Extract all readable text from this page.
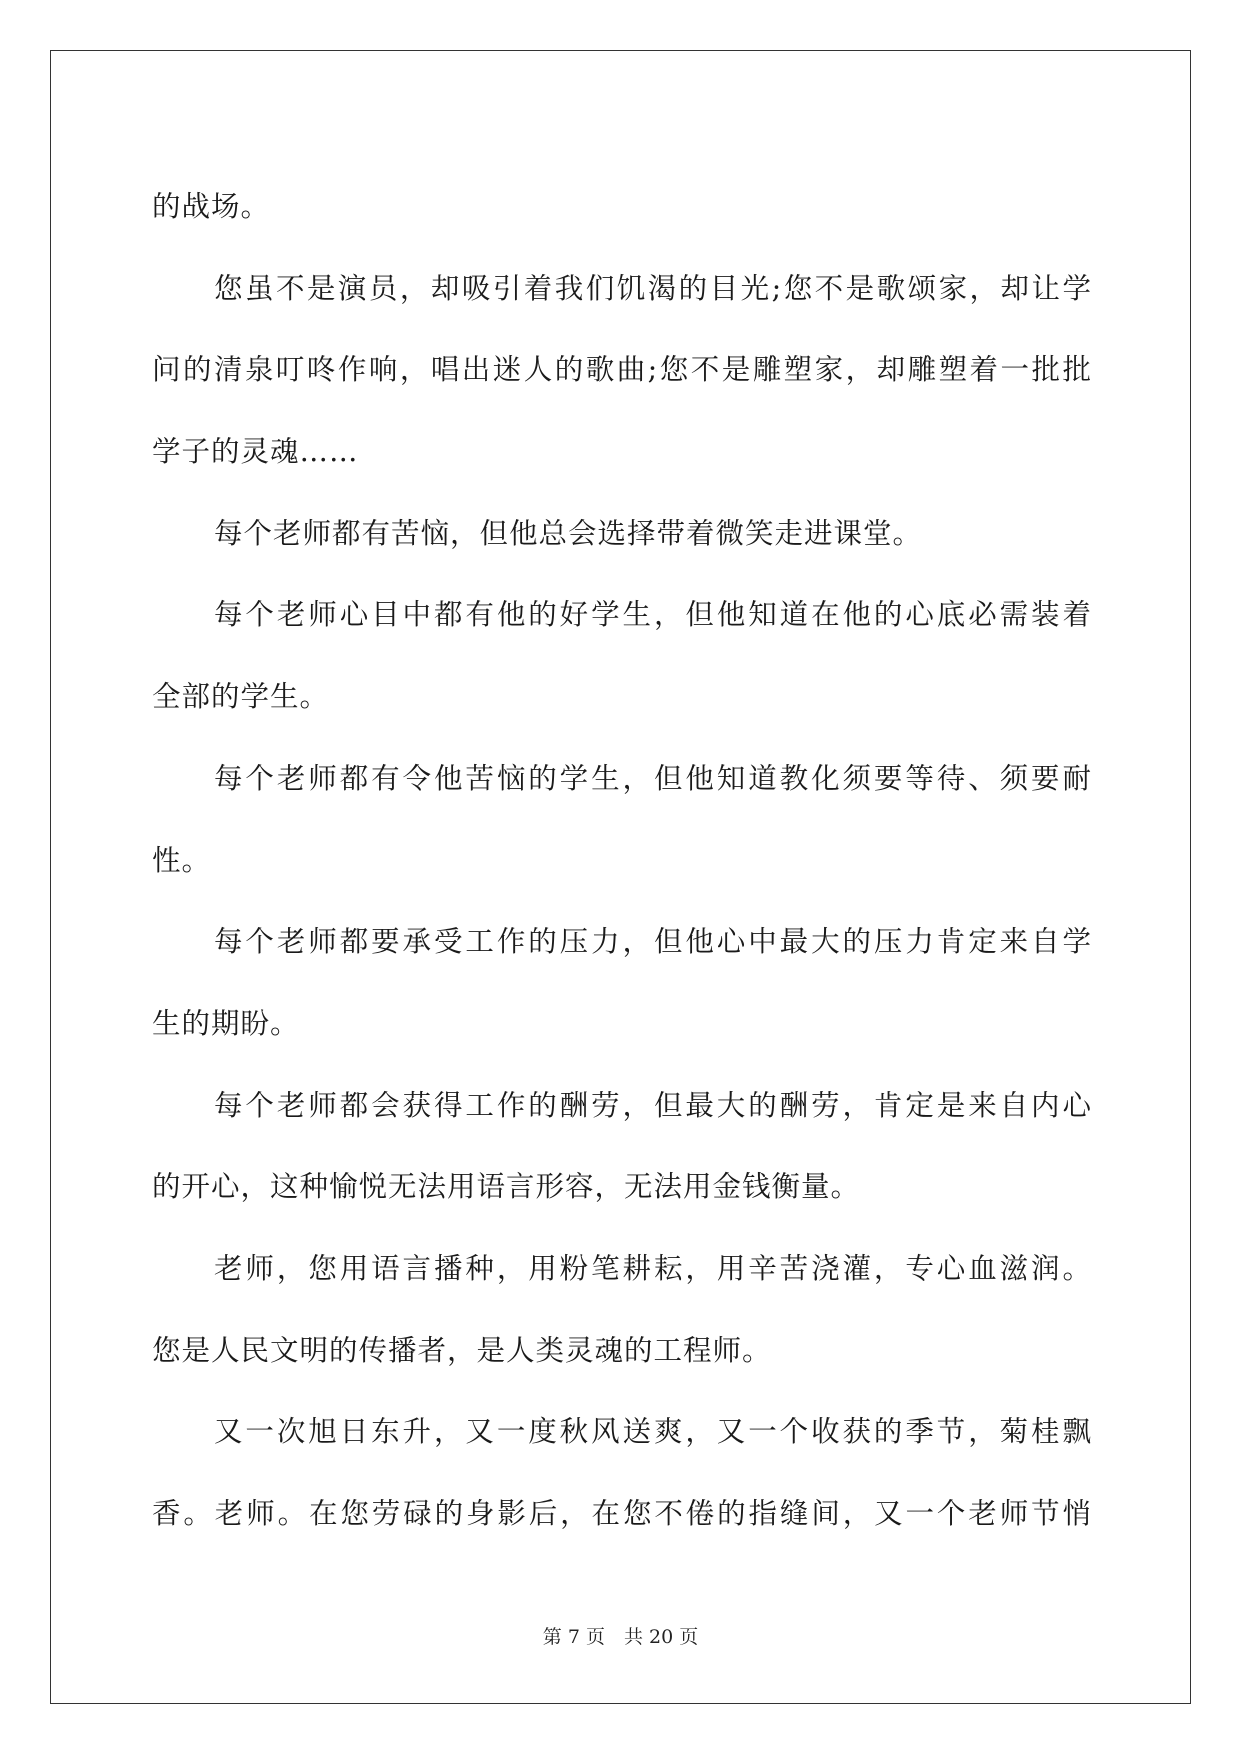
的战场。
您虽不是演员，却吸引着我们饥渴的目光;您不是歌颂家，却让学
问的清泉叮咚作响，唱出迷人的歌曲;您不是雕塑家，却雕塑着一批批
学子的灵魂……
每个老师都有苦恼，但他总会选择带着微笑走进课堂。
每个老师心目中都有他的好学生，但他知道在他的心底必需装着
全部的学生。
每个老师都有令他苦恼的学生，但他知道教化须要等待、须要耐
性。
每个老师都要承受工作的压力，但他心中最大的压力肯定来自学
生的期盼。
每个老师都会获得工作的酬劳，但最大的酬劳，肯定是来自内心
的开心，这种愉悦无法用语言形容，无法用金钱衡量。
老师，您用语言播种，用粉笔耕耘，用辛苦浇灌，专心血滋润。
您是人民文明的传播者，是人类灵魂的工程师。
又一次旭日东升，又一度秋风送爽，又一个收获的季节，菊桂飘
香。老师。在您劳碌的身影后，在您不倦的指缝间，又一个老师节悄
第 7 页　共 20 页
